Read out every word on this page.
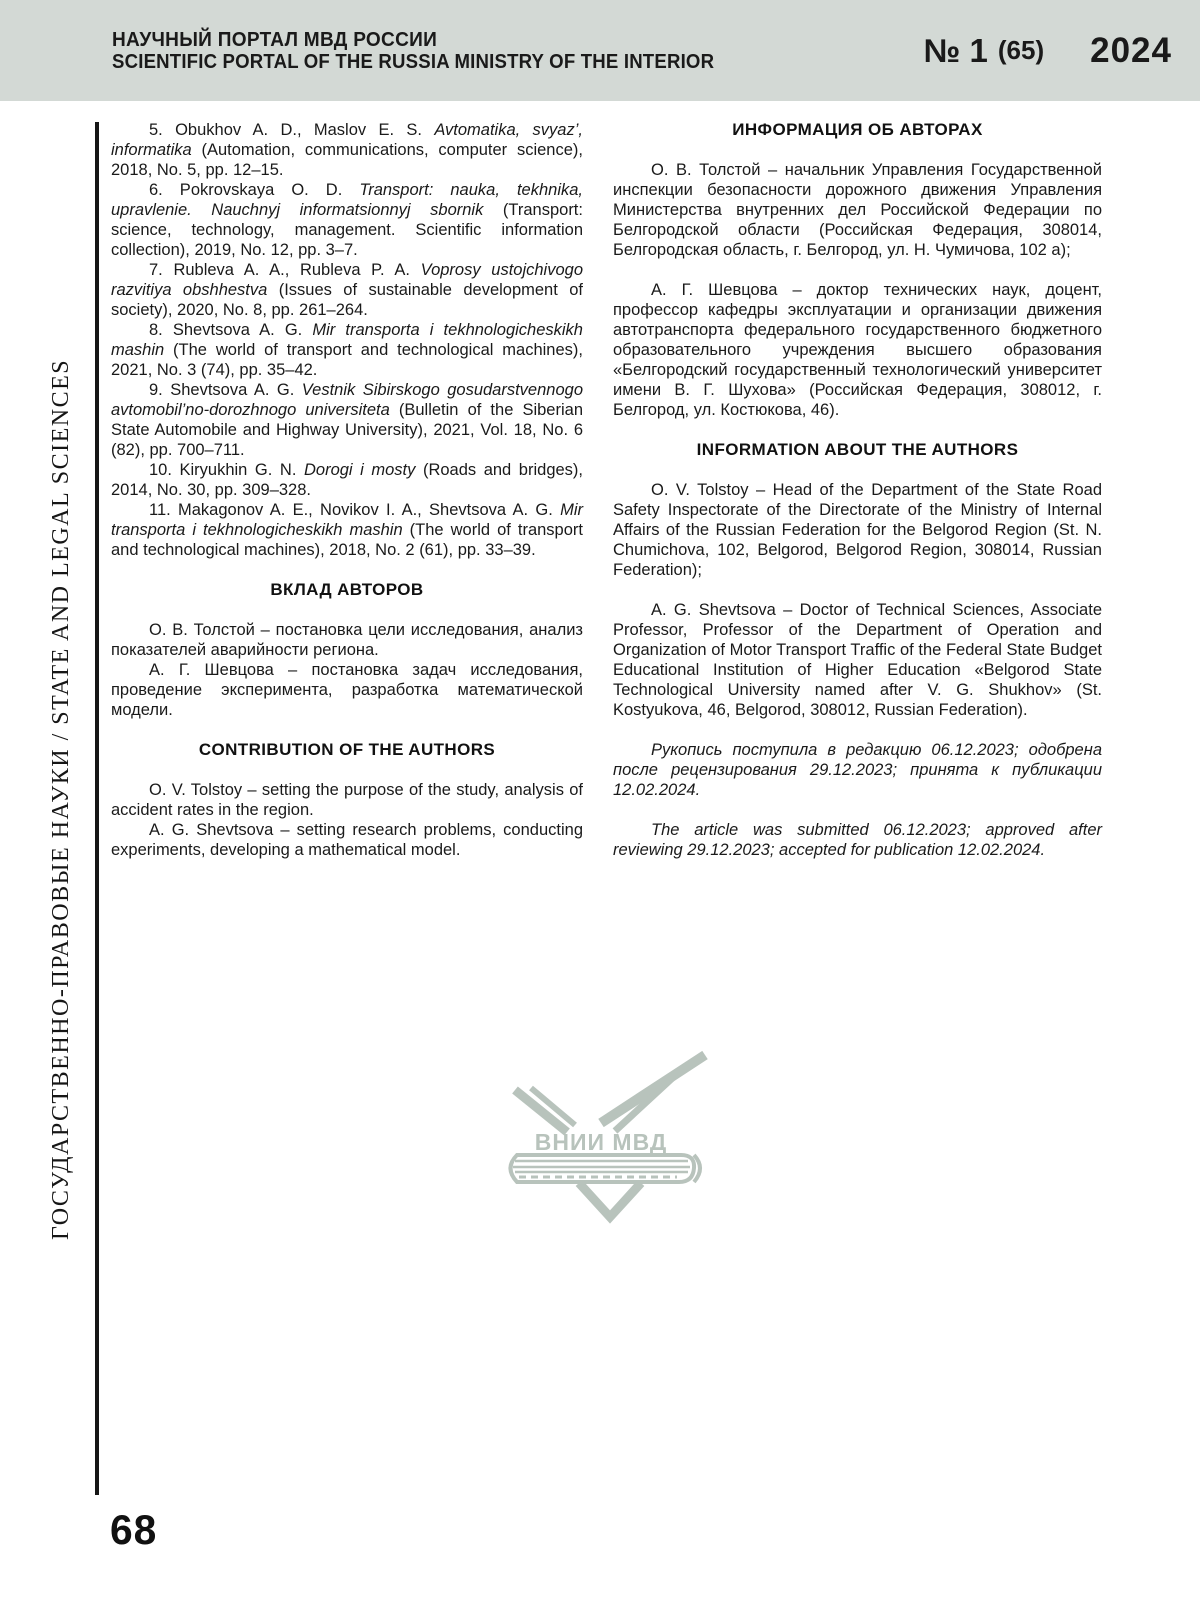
НАУЧНЫЙ ПОРТАЛ МВД РОССИИ
SCIENTIFIC PORTAL OF THE RUSSIA MINISTRY OF THE INTERIOR	№ 1 (65) 2024
ГОСУДАРСТВЕННО-ПРАВОВЫЕ НАУКИ / STATE AND LEGAL SCIENCES

5. Obukhov A. D., Maslov E. S. Avtomatika, svyaz’, informatika (Automation, communications, computer science), 2018, No. 5, pp. 12–15.

6. Pokrovskaya O. D. Transport: nauka, tekhnika, upravlenie. Nauchnyj informatsionnyj sbornik (Transport: science, technology, management. Scientific information collection), 2019, No. 12, pp. 3–7.

7. Rubleva A. A., Rubleva P. A. Voprosy ustojchivogo razvitiya obshhestva (Issues of sustainable development of society), 2020, No. 8, pp. 261–264.

8. Shevtsova A. G. Mir transporta i tekhnologicheskikh mashin (The world of transport and technological machines), 2021, No. 3 (74), pp. 35–42.

9. Shevtsova A. G. Vestnik Sibirskogo gosudarstvennogo avtomobil’no-dorozhnogo universiteta (Bulletin of the Siberian State Automobile and Highway University), 2021, Vol. 18, No. 6 (82), pp. 700–711.

10. Kiryukhin G. N. Dorogi i mosty (Roads and bridges), 2014, No. 30, pp. 309–328.

11. Makagonov A. E., Novikov I. A., Shevtsova A. G. Mir transporta i tekhnologicheskikh mashin (The world of transport and technological machines), 2018, No. 2 (61), pp. 33–39.

ВКЛАД АВТОРОВ

О. В. Толстой – постановка цели исследования, анализ показателей аварийности региона.

А. Г. Шевцова – постановка задач исследования, проведение эксперимента, разработка математической модели.

CONTRIBUTION OF THE AUTHORS

O. V. Tolstoy – setting the purpose of the study, analysis of accident rates in the region.

A. G. Shevtsova – setting research problems, conducting experiments, developing a mathematical model.

ИНФОРМАЦИЯ ОБ АВТОРАХ

О. В. Толстой – начальник Управления Государственной инспекции безопасности дорожного движения Управления Министерства внутренних дел Российской Федерации по Белгородской области (Российская Федерация, 308014, Белгородская область, г. Белгород, ул. Н. Чумичова, 102 а);

А. Г. Шевцова – доктор технических наук, доцент, профессор кафедры эксплуатации и организации движения автотранспорта федерального государственного бюджетного образовательного учреждения высшего образования «Белгородский государственный технологический университет имени В. Г. Шухова» (Российская Федерация, 308012, г. Белгород, ул. Костюкова, 46).

INFORMATION ABOUT THE AUTHORS

O. V. Tolstoy – Head of the Department of the State Road Safety Inspectorate of the Directorate of the Ministry of Internal Affairs of the Russian Federation for the Belgorod Region (St. N. Chumichova, 102, Belgorod, Belgorod Region, 308014, Russian Federation);

A. G. Shevtsova – Doctor of Technical Sciences, Associate Professor, Professor of the Department of Operation and Organization of Motor Transport Traffic of the Federal State Budget Educational Institution of Higher Education «Belgorod State Technological University named after V. G. Shukhov» (St. Kostyukova, 46, Belgorod, 308012, Russian Federation).

Рукопись поступила в редакцию 06.12.2023; одобрена после рецензирования 29.12.2023; принята к публикации 12.02.2024.

The article was submitted 06.12.2023; approved after reviewing 29.12.2023; accepted for publication 12.02.2024.

ВНИИ МВД
68
